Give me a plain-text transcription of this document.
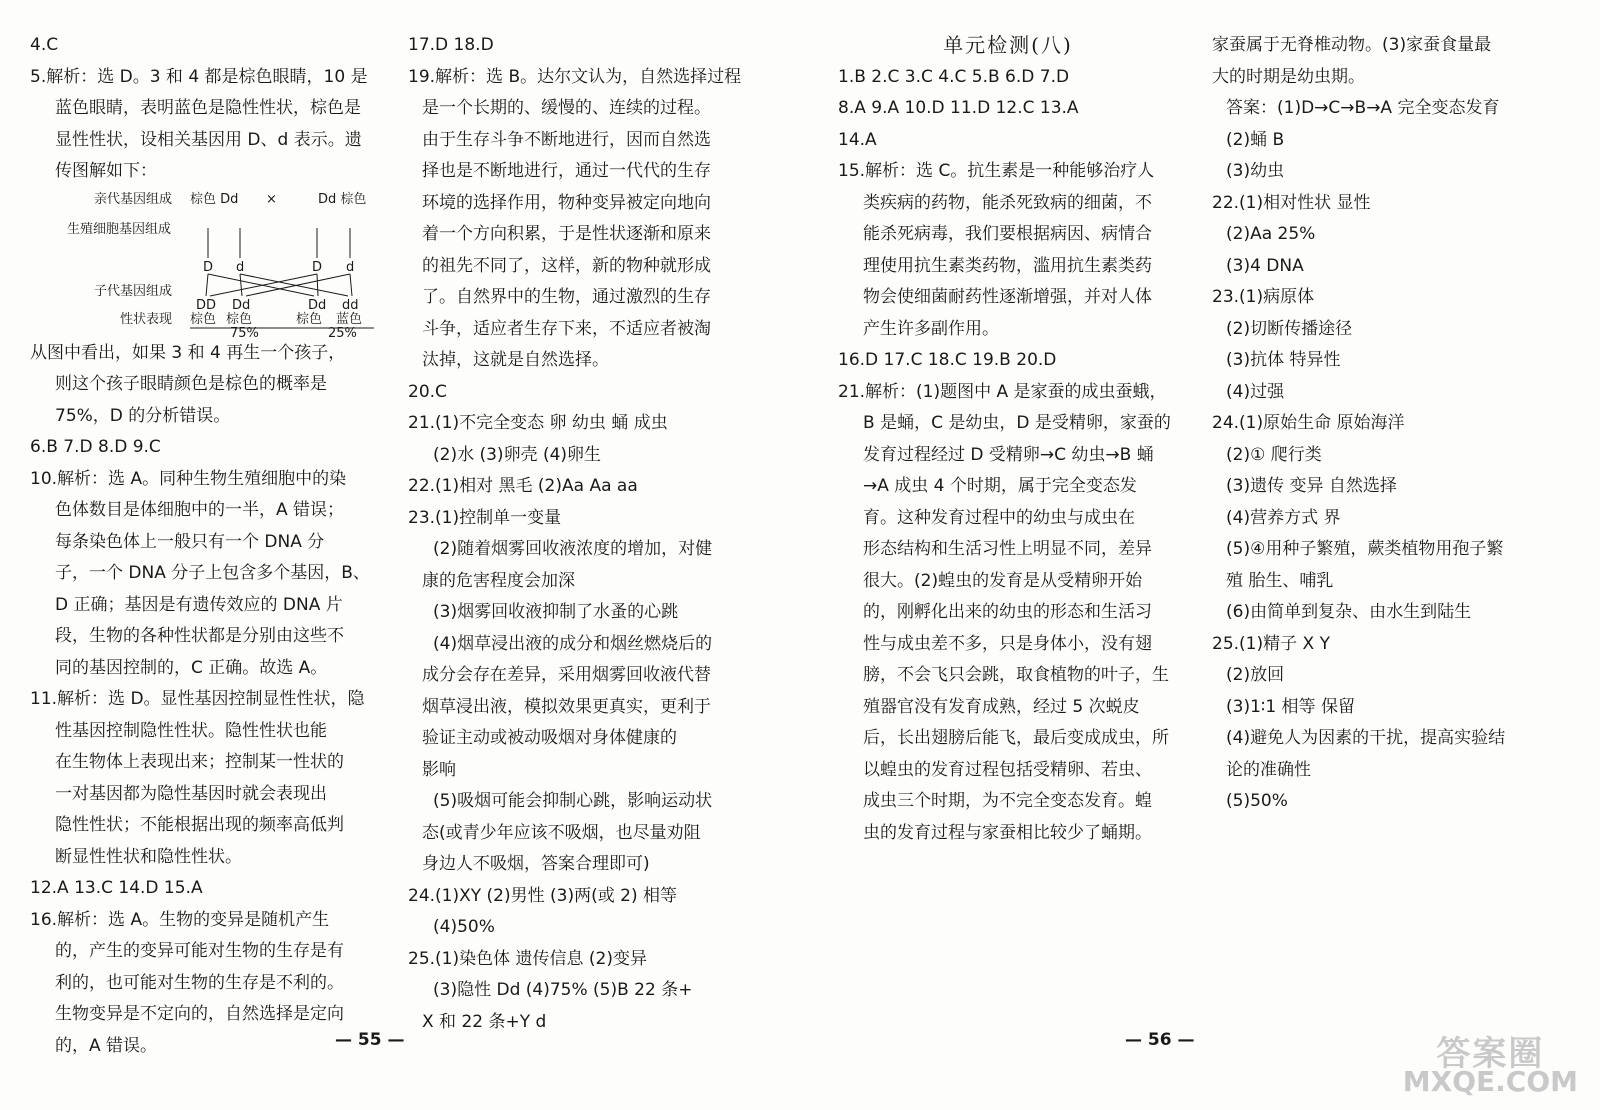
4.C
5.解析：选 D。3 和 4 都是棕色眼睛，10 是
蓝色眼睛，表明蓝色是隐性性状，棕色是
显性性状，设相关基因用 D、d 表示。遗
传图解如下：
亲代基因组成 棕色 Dd ×	Dd 棕色
生殖细胞基因组成
D d	D d
子代基因组成
DD Dd	Dd dd
性状表现 棕色 棕色	棕色 蓝色
75%	25%
从图中看出，如果 3 和 4 再生一个孩子，
则这个孩子眼睛颜色是棕色的概率是
75%，D 的分析错误。
6.B 7.D 8.D 9.C
10.解析：选 A。同种生物生殖细胞中的染
色体数目是体细胞中的一半，A 错误；
每条染色体上一般只有一个 DNA 分
子，一个 DNA 分子上包含多个基因，B、
D 正确；基因是有遗传效应的 DNA 片
段，生物的各种性状都是分别由这些不
同的基因控制的，C 正确。故选 A。
11.解析：选 D。显性基因控制显性性状，隐
性基因控制隐性性状。隐性性状也能
在生物体上表现出来；控制某一性状的
一对基因都为隐性基因时就会表现出
隐性性状；不能根据出现的频率高低判
断显性性状和隐性性状。
12.A 13.C 14.D 15.A
16.解析：选 A。生物的变异是随机产生
的，产生的变异可能对生物的生存是有
利的，也可能对生物的生存是不利的。
生物变异是不定向的，自然选择是定向
的，A 错误。
17.D 18.D
19.解析：选 B。达尔文认为，自然选择过程
是一个长期的、缓慢的、连续的过程。
由于生存斗争不断地进行，因而自然选
择也是不断地进行，通过一代代的生存
环境的选择作用，物种变异被定向地向
着一个方向积累，于是性状逐渐和原来
的祖先不同了，这样，新的物种就形成
了。自然界中的生物，通过激烈的生存
斗争，适应者生存下来，不适应者被淘
汰掉，这就是自然选择。
20.C
21.(1)不完全变态 卵 幼虫 蛹 成虫
(2)水 (3)卵壳 (4)卵生
22.(1)相对 黑毛 (2)Aa Aa aa
23.(1)控制单一变量
(2)随着烟雾回收液浓度的增加，对健
康的危害程度会加深
(3)烟雾回收液抑制了水蚤的心跳
(4)烟草浸出液的成分和烟丝燃烧后的
成分会存在差异，采用烟雾回收液代替
烟草浸出液，模拟效果更真实，更利于
验证主动或被动吸烟对身体健康的
影响
(5)吸烟可能会抑制心跳，影响运动状
态(或青少年应该不吸烟，也尽量劝阻
身边人不吸烟，答案合理即可)
24.(1)XY (2)男性 (3)两(或 2) 相等
(4)50%
25.(1)染色体 遗传信息 (2)变异
(3)隐性 Dd (4)75% (5)B 22 条+
X 和 22 条+Y d
单元检测(八)
1.B 2.C 3.C 4.C 5.B 6.D 7.D
8.A 9.A 10.D 11.D 12.C 13.A
14.A
15.解析：选 C。抗生素是一种能够治疗人
类疾病的药物，能杀死致病的细菌，不
能杀死病毒，我们要根据病因、病情合
理使用抗生素类药物，滥用抗生素类药
物会使细菌耐药性逐渐增强，并对人体
产生许多副作用。
16.D 17.C 18.C 19.B 20.D
21.解析：(1)题图中 A 是家蚕的成虫蚕蛾，
B 是蛹，C 是幼虫，D 是受精卵，家蚕的
发育过程经过 D 受精卵→C 幼虫→B 蛹
→A 成虫 4 个时期，属于完全变态发
育。这种发育过程中的幼虫与成虫在
形态结构和生活习性上明显不同，差异
很大。(2)蝗虫的发育是从受精卵开始
的，刚孵化出来的幼虫的形态和生活习
性与成虫差不多，只是身体小，没有翅
膀，不会飞只会跳，取食植物的叶子，生
殖器官没有发育成熟，经过 5 次蜕皮
后，长出翅膀后能飞，最后变成成虫，所
以蝗虫的发育过程包括受精卵、若虫、
成虫三个时期，为不完全变态发育。蝗
虫的发育过程与家蚕相比较少了蛹期。
家蚕属于无脊椎动物。(3)家蚕食量最
大的时期是幼虫期。
答案：(1)D→C→B→A 完全变态发育
(2)蛹 B
(3)幼虫
22.(1)相对性状 显性
(2)Aa 25%
(3)4 DNA
23.(1)病原体
(2)切断传播途径
(3)抗体 特异性
(4)过强
24.(1)原始生命 原始海洋
(2)① 爬行类
(3)遗传 变异 自然选择
(4)营养方式 界
(5)④用种子繁殖，蕨类植物用孢子繁
殖 胎生、哺乳
(6)由简单到复杂、由水生到陆生
25.(1)精子 X Y
(2)放回
(3)1∶1 相等 保留
(4)避免人为因素的干扰，提高实验结
论的准确性
(5)50%
— 55 —	— 56 —	答案圈
MXQE.COM
